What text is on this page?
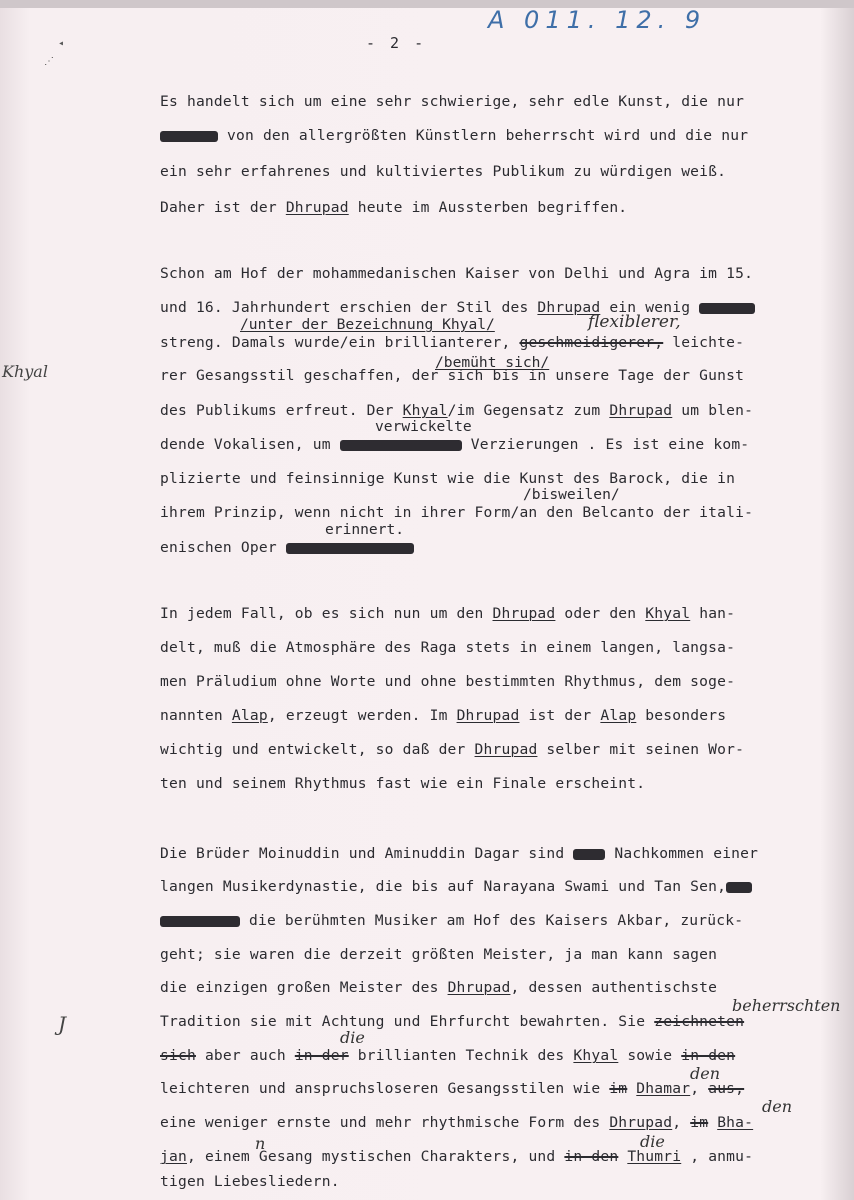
◂
⋰
A 011. 12. 9
- 2 -
Khyal
J
Es handelt sich um eine sehr schwierige, sehr edle Kunst, die nur
von den allergrößten Künstlern beherrscht wird und die nur
ein sehr erfahrenes und kultiviertes Publikum zu würdigen weiß.
Daher ist der Dhrupad heute im Aussterben begriffen.
Schon am Hof der mohammedanischen Kaiser von Delhi und Agra im 15.
und 16. Jahrhundert erschien der Stil des Dhrupad ein wenig
/unter der Bezeichnung Khyal/	flexiblerer,
streng. Damals wurde/ein brillianterer, geschmeidigerer, leichte-
/bemüht sich/
rer Gesangsstil geschaffen, der sich bis in unsere Tage der Gunst
verwickelte
des Publikums erfreut. Der Khyal/im Gegensatz zum Dhrupad um blen-
dende Vokalisen, um	Verzierungen . Es ist eine kom-
plizierte und feinsinnige Kunst wie die Kunst des Barock, die in
/bisweilen/
ihrem Prinzip, wenn nicht in ihrer Form/an den Belcanto der itali-
erinnert.
enischen Oper
In jedem Fall, ob es sich nun um den Dhrupad oder den Khyal han-
delt, muß die Atmosphäre des Raga stets in einem langen, langsa-
men Präludium ohne Worte und ohne bestimmten Rhythmus, dem soge-
nannten Alap, erzeugt werden. Im Dhrupad ist der Alap besonders
wichtig und entwickelt, so daß der Dhrupad selber mit seinen Wor-
ten und seinem Rhythmus fast wie ein Finale erscheint.
Die Brüder Moinuddin und Aminuddin Dagar sind  Nachkommen einer
langen Musikerdynastie, die bis auf Narayana Swami und Tan Sen,
die berühmten Musiker am Hof des Kaisers Akbar, zurück-
geht; sie waren die derzeit größten Meister, ja man kann sagen
die einzigen großen Meister des Dhrupad, dessen authentischste
beherrschten
Tradition sie mit Achtung und Ehrfurcht bewahrten. Sie zeichneten
die
sich aber auch in der brillianten Technik des Khyal sowie in den
den
leichteren und anspruchsloseren Gesangsstilen wie im Dhamar, aus,
den
eine weniger ernste und mehr rhythmische Form des Dhrupad, im Bha-
n	die
jan, einem Gesang mystischen Charakters, und in den Thumri , anmu-
tigen Liebesliedern.
